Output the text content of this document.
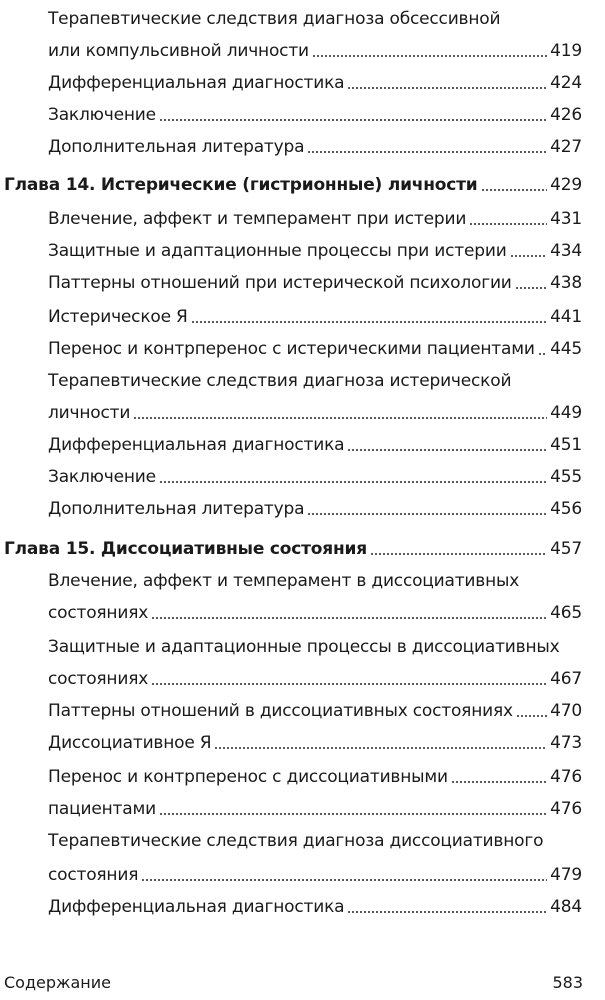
Терапевтические следствия диагноза обсессивной
или компульсивной личности	419
Дифференциальная диагностика	424
Заключение	426
Дополнительная литература	427
Глава 14. Истерические (гистрионные) личности	429
Влечение, аффект и темперамент при истерии	431
Защитные и адаптационные процессы при истерии	434
Паттерны отношений при истерической психологии 438
Истерическое Я	441
Перенос и контрперенос с истерическими пациентами 445
Терапевтические следствия диагноза истерической
личности	449
Дифференциальная диагностика	451
Заключение	455
Дополнительная литература	456
Глава 15. Диссоциативные состояния	457
Влечение, аффект и темперамент в диссоциативных
состояниях	465
Защитные и адаптационные процессы в диссоциативных
состояниях	467
Паттерны отношений в диссоциативных состояниях 470
Диссоциативное Я	473
Перенос и контрперенос с диссоциативными	476
пациентами	476
Терапевтические следствия диагноза диссоциативного
состояния	479
Дифференциальная диагностика	484
Содержание	583
